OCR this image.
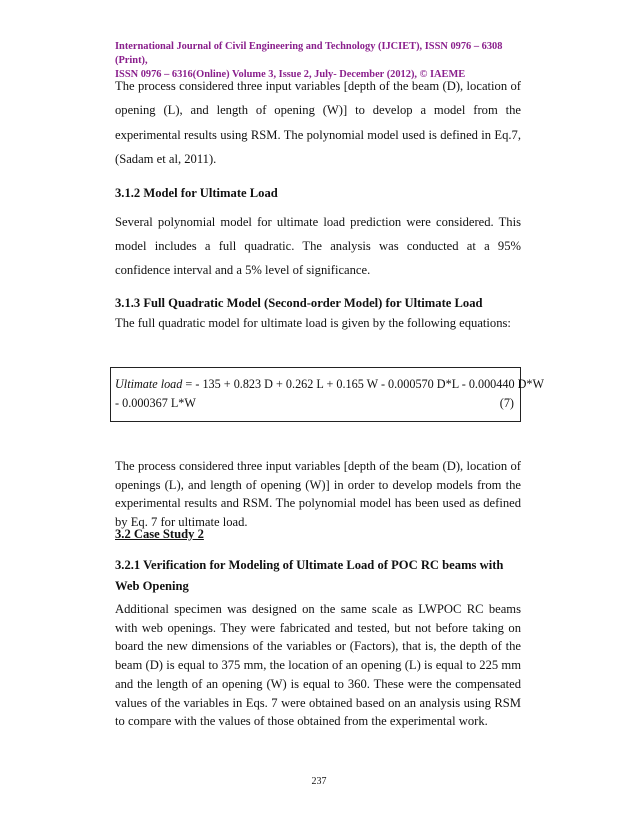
International Journal of Civil Engineering and Technology (IJCIET), ISSN 0976 – 6308 (Print),
ISSN 0976 – 6316(Online) Volume 3, Issue 2, July- December (2012), © IAEME

The process considered three input variables [depth of the beam (D), location of opening (L), and length of opening (W)] to develop a model from the experimental results using RSM. The polynomial model used is defined in Eq.7, (Sadam et al, 2011).

3.1.2 Model for Ultimate Load

Several polynomial model for ultimate load prediction were considered. This model includes a full quadratic. The analysis was conducted at a 95% confidence interval and a 5% level of significance.

3.1.3 Full Quadratic Model (Second-order Model) for Ultimate Load

The full quadratic model for ultimate load is given by the following equations:

Ultimate load = - 135 + 0.823 D + 0.262 L + 0.165 W - 0.000570 D*L - 0.000440 D*W
- 0.000367 L*W	(7)

The process considered three input variables [depth of the beam (D), location of openings (L), and length of opening (W)] in order to develop models from the experimental results and RSM. The polynomial model has been used as defined by Eq. 7 for ultimate load.

3.2 Case Study 2

3.2.1 Verification for Modeling of Ultimate Load of POC RC beams with Web Opening

Additional specimen was designed on the same scale as LWPOC RC beams with web openings. They were fabricated and tested, but not before taking on board the new dimensions of the variables or (Factors), that is, the depth of the beam (D) is equal to 375 mm, the location of an opening (L) is equal to 225 mm and the length of an opening (W) is equal to 360. These were the compensated values of the variables in Eqs. 7 were obtained based on an analysis using RSM to compare with the values of those obtained from the experimental work.

237
